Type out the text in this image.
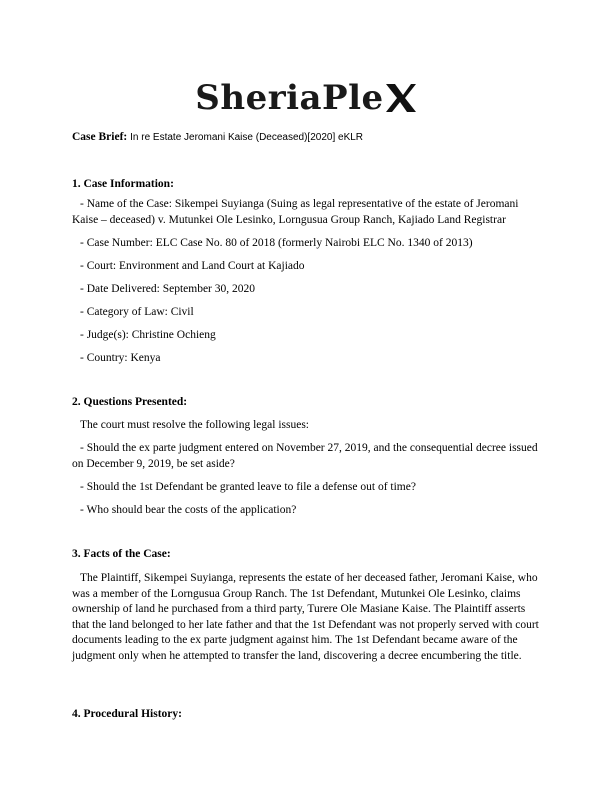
SheriaPle
Case Brief: In re Estate Jeromani Kaise (Deceased)[2020] eKLR
1. Case Information:
- Name of the Case: Sikempei Suyianga (Suing as legal representative of the estate of Jeromani Kaise – deceased) v. Mutunkei Ole Lesinko, Lorngusua Group Ranch, Kajiado Land Registrar
- Case Number: ELC Case No. 80 of 2018 (formerly Nairobi ELC No. 1340 of 2013)
- Court: Environment and Land Court at Kajiado
- Date Delivered: September 30, 2020
- Category of Law: Civil
- Judge(s): Christine Ochieng
- Country: Kenya
2. Questions Presented:
The court must resolve the following legal issues:
- Should the ex parte judgment entered on November 27, 2019, and the consequential decree issued on December 9, 2019, be set aside?
- Should the 1st Defendant be granted leave to file a defense out of time?
- Who should bear the costs of the application?
3. Facts of the Case:
The Plaintiff, Sikempei Suyianga, represents the estate of her deceased father, Jeromani Kaise, who was a member of the Lorngusua Group Ranch. The 1st Defendant, Mutunkei Ole Lesinko, claims ownership of land he purchased from a third party, Turere Ole Masiane Kaise. The Plaintiff asserts that the land belonged to her late father and that the 1st Defendant was not properly served with court documents leading to the ex parte judgment against him. The 1st Defendant became aware of the judgment only when he attempted to transfer the land, discovering a decree encumbering the title.
4. Procedural History:
